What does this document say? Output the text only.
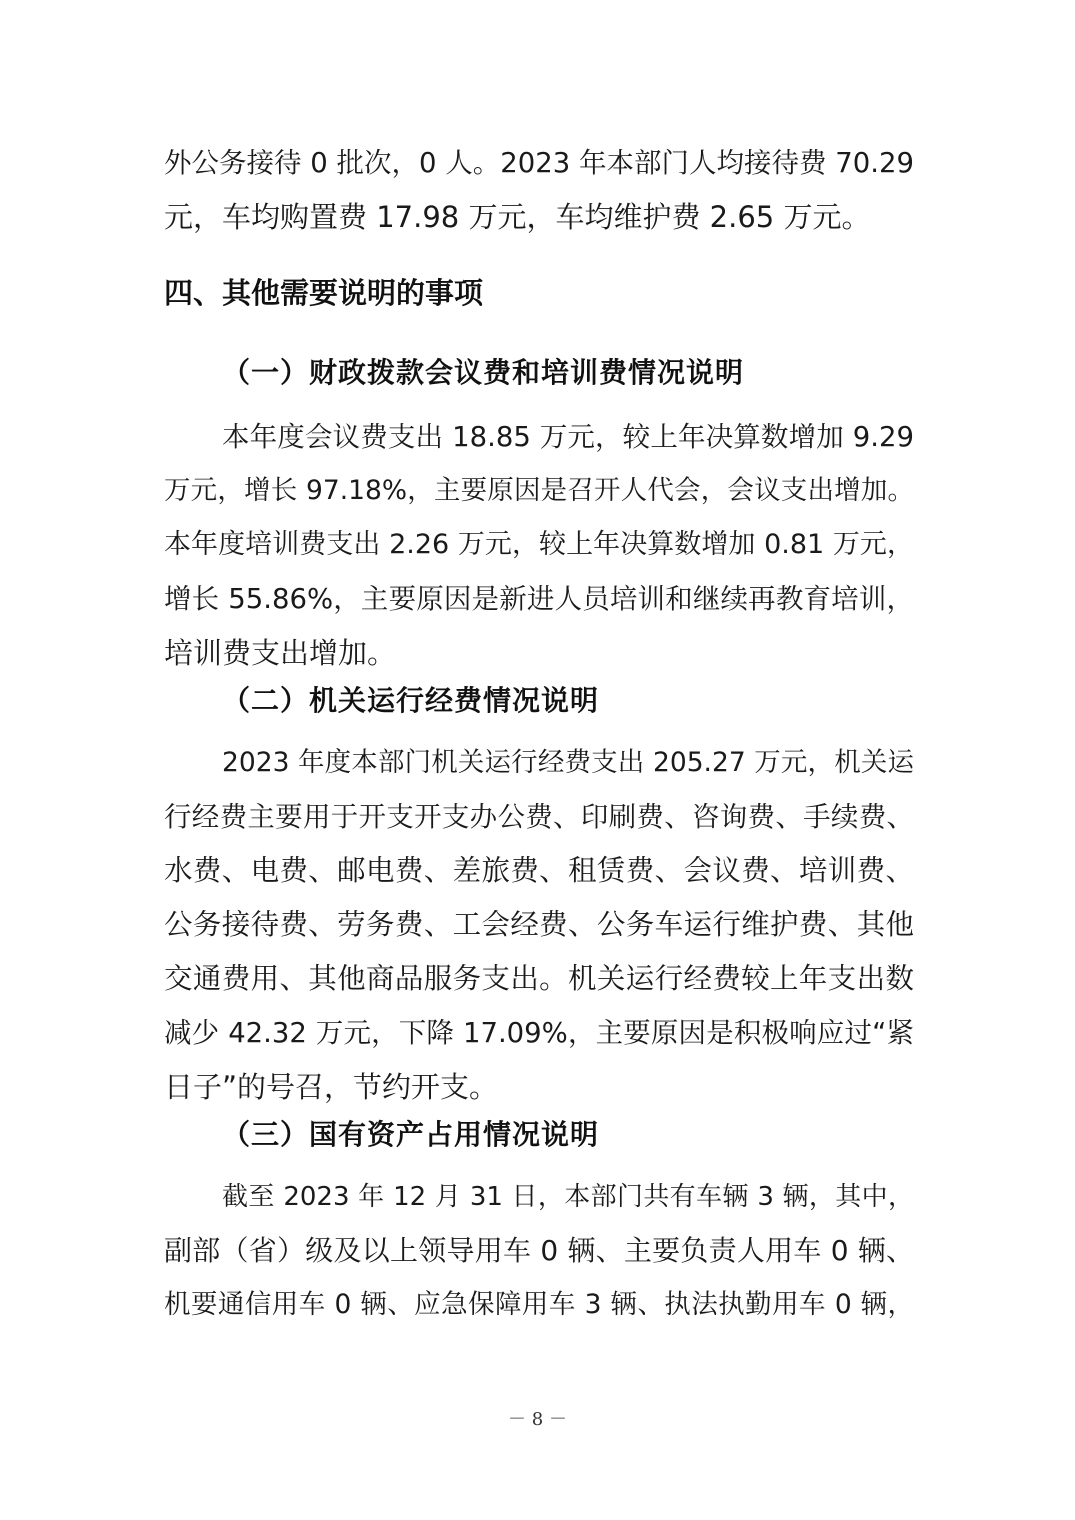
外公务接待 0 批次，0 人。2023 年本部门人均接待费 70.29
元，车均购置费 17.98 万元，车均维护费 2.65 万元。
四、其他需要说明的事项
（一）财政拨款会议费和培训费情况说明
本年度会议费支出 18.85 万元，较上年决算数增加 9.29
万元，增长 97.18%，主要原因是召开人代会，会议支出增加。
本年度培训费支出 2.26 万元，较上年决算数增加 0.81 万元，
增长 55.86%，主要原因是新进人员培训和继续再教育培训，
培训费支出增加。
（二）机关运行经费情况说明
2023 年度本部门机关运行经费支出 205.27 万元，机关运
行经费主要用于开支开支办公费、印刷费、咨询费、手续费、
水费、电费、邮电费、差旅费、租赁费、会议费、培训费、
公务接待费、劳务费、工会经费、公务车运行维护费、其他
交通费用、其他商品服务支出。机关运行经费较上年支出数
减少 42.32 万元，下降 17.09%，主要原因是积极响应过“紧
日子”的号召，节约开支。
（三）国有资产占用情况说明
截至 2023 年 12 月 31 日，本部门共有车辆 3 辆，其中，
副部（省）级及以上领导用车 0 辆、主要负责人用车 0 辆、
机要通信用车 0 辆、应急保障用车 3 辆、执法执勤用车 0 辆，
－ 8 －
